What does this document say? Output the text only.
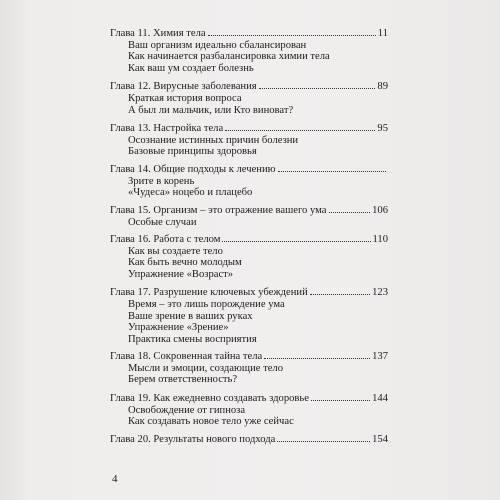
Глава 11. Химия тела	11
Ваш организм идеально сбалансирован
Как начинается разбалансировка химии тела
Как ваш ум создает болезнь
Глава 12. Вирусные заболевания	89
Краткая история вопроса
А был ли мальчик, или Кто виноват?
Глава 13. Настройка тела	95
Осознание истинных причин болезни
Базовые принципы здоровья
Глава 14. Общие подходы к лечению
Зрите в корень
«Чудеса» ноцебо и плацебо
Глава 15. Организм – это отражение вашего ума	106
Особые случаи
Глава 16. Работа с телом	110
Как вы создаете тело
Как быть вечно молодым
Упражнение «Возраст»
Глава 17. Разрушение ключевых убеждений	123
Время – это лишь порождение ума
Ваше зрение в ваших руках
Упражнение «Зрение»
Практика смены восприятия
Глава 18. Сокровенная тайна тела	137
Мысли и эмоции, создающие тело
Берем ответственность?
Глава 19. Как ежедневно создавать здоровье	144
Освобождение от гипноза
Как создавать новое тело уже сейчас
Глава 20. Результаты нового подхода	154
4
